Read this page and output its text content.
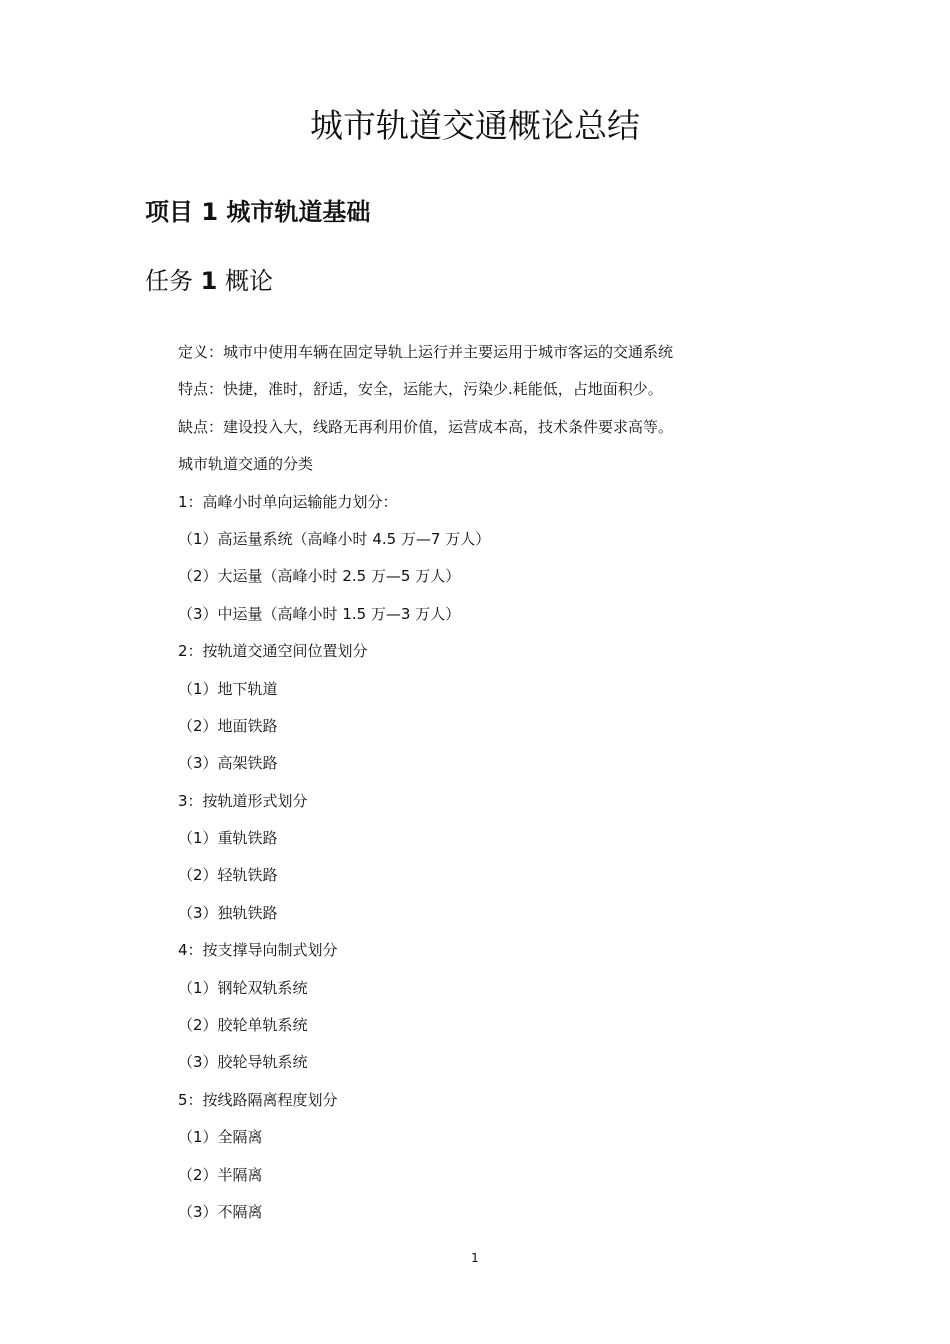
城市轨道交通概论总结
项目 1 城市轨道基础
任务 1 概论
定义：城市中使用车辆在固定导轨上运行并主要运用于城市客运的交通系统
特点：快捷，准时，舒适，安全，运能大，污染少.耗能低，占地面积少。
缺点：建设投入大，线路无再利用价值，运营成本高，技术条件要求高等。
城市轨道交通的分类
1：高峰小时单向运输能力划分：
（1）高运量系统（高峰小时 4.5 万—7 万人）
（2）大运量（高峰小时 2.5 万—5 万人）
（3）中运量（高峰小时 1.5 万—3 万人）
2：按轨道交通空间位置划分
（1）地下轨道
（2）地面铁路
（3）高架铁路
3：按轨道形式划分
（1）重轨铁路
（2）轻轨铁路
（3）独轨铁路
4：按支撑导向制式划分
（1）钢轮双轨系统
（2）胶轮单轨系统
（3）胶轮导轨系统
5：按线路隔离程度划分
（1）全隔离
（2）半隔离
（3）不隔离
1
